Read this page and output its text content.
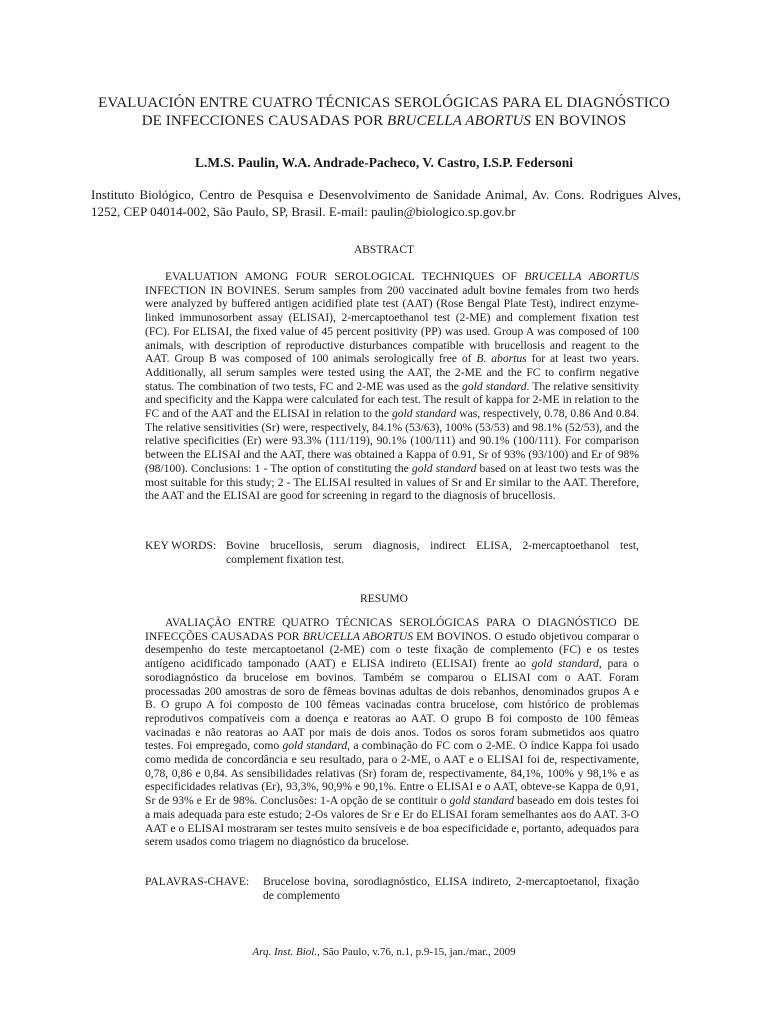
EVALUACIÓN ENTRE CUATRO TÉCNICAS SEROLÓGICAS PARA EL DIAGNÓSTICO
DE INFECCIONES CAUSADAS POR BRUCELLA ABORTUS EN BOVINOS
L.M.S. Paulin, W.A. Andrade-Pacheco, V. Castro, I.S.P. Federsoni
Instituto Biológico, Centro de Pesquisa e Desenvolvimento de Sanidade Animal, Av. Cons. Rodrigues Alves, 1252, CEP 04014-002, São Paulo, SP, Brasil. E-mail: paulin@biologico.sp.gov.br
ABSTRACT

EVALUATION AMONG FOUR SEROLOGICAL TECHNIQUES OF BRUCELLA ABORTUS INFECTION IN BOVINES. Serum samples from 200 vaccinated adult bovine females from two herds were analyzed by buffered antigen acidified plate test (AAT) (Rose Bengal Plate Test), indirect enzyme-linked immunosorbent assay (ELISAI), 2-mercaptoethanol test (2-ME) and complement fixation test (FC). For ELISAI, the fixed value of 45 percent positivity (PP) was used. Group A was composed of 100 animals, with description of reproductive disturbances compatible with brucellosis and reagent to the AAT. Group B was composed of 100 animals serologically free of B. abortus for at least two years. Additionally, all serum samples were tested using the AAT, the 2-ME and the FC to confirm negative status. The combination of two tests, FC and 2-ME was used as the gold standard. The relative sensitivity and specificity and the Kappa were calculated for each test. The result of kappa for 2-ME in relation to the FC and of the AAT and the ELISAI in relation to the gold standard was, respectively, 0.78, 0.86 And 0.84. The relative sensitivities (Sr) were, respectively, 84.1% (53/63), 100% (53/53) and 98.1% (52/53), and the relative specificities (Er) were 93.3% (111/119), 90.1% (100/111) and 90.1% (100/111). For comparison between the ELISAI and the AAT, there was obtained a Kappa of 0.91, Sr of 93% (93/100) and Er of 98% (98/100). Conclusions: 1 - The option of constituting the gold standard based on at least two tests was the most suitable for this study; 2 - The ELISAI resulted in values of Sr and Er similar to the AAT. Therefore, the AAT and the ELISAI are good for screening in regard to the diagnosis of brucellosis.

KEY WORDS: Bovine brucellosis, serum diagnosis, indirect ELISA, 2-mercaptoethanol test, complement fixation test.
RESUMO

AVALIAÇÃO ENTRE QUATRO TÉCNICAS SEROLÓGICAS PARA O DIAGNÓSTICO DE INFECÇÕES CAUSADAS POR BRUCELLA ABORTUS EM BOVINOS. O estudo objetivou comparar o desempenho do teste mercaptoetanol (2-ME) com o teste fixação de complemento (FC) e os testes antígeno acidificado tamponado (AAT) e ELISA indireto (ELISAI) frente ao gold standard, para o sorodiagnóstico da brucelose em bovinos. Também se comparou o ELISAI com o AAT. Foram processadas 200 amostras de soro de fêmeas bovinas adultas de dois rebanhos, denominados grupos A e B. O grupo A foi composto de 100 fêmeas vacinadas contra brucelose, com histórico de problemas reprodutivos compatíveis com a doença e reatoras ao AAT. O grupo B foi composto de 100 fêmeas vacinadas e não reatoras ao AAT por mais de dois anos. Todos os soros foram submetidos aos quatro testes. Foi empregado, como gold standard, a combinação do FC com o 2-ME. O índice Kappa foi usado como medida de concordância e seu resultado, para o 2-ME, o AAT e o ELISAI foi de, respectivamente, 0,78, 0,86 e 0,84. As sensibilidades relativas (Sr) foram de, respectivamente, 84,1%, 100% y 98,1% e as especificidades relativas (Er), 93,3%, 90,9% e 90,1%. Entre o ELISAI e o AAT, obteve-se Kappa de 0,91, Sr de 93% e Er de 98%. Conclusões: 1-A opção de se contituir o gold standard baseado em dois testes foi a mais adequada para este estudo; 2-Os valores de Sr e Er do ELISAI foram semelhantes aos do AAT. 3-O AAT e o ELISAI mostraram ser testes muito sensíveis e de boa especificidade e, portanto, adequados para serem usados como triagem no diagnóstico da brucelose.

PALAVRAS-CHAVE: Brucelose bovina, sorodiagnóstico, ELISA indireto, 2-mercaptoetanol, fixação de complemento
Arq. Inst. Biol., São Paulo, v.76, n.1, p.9-15, jan./mar., 2009
